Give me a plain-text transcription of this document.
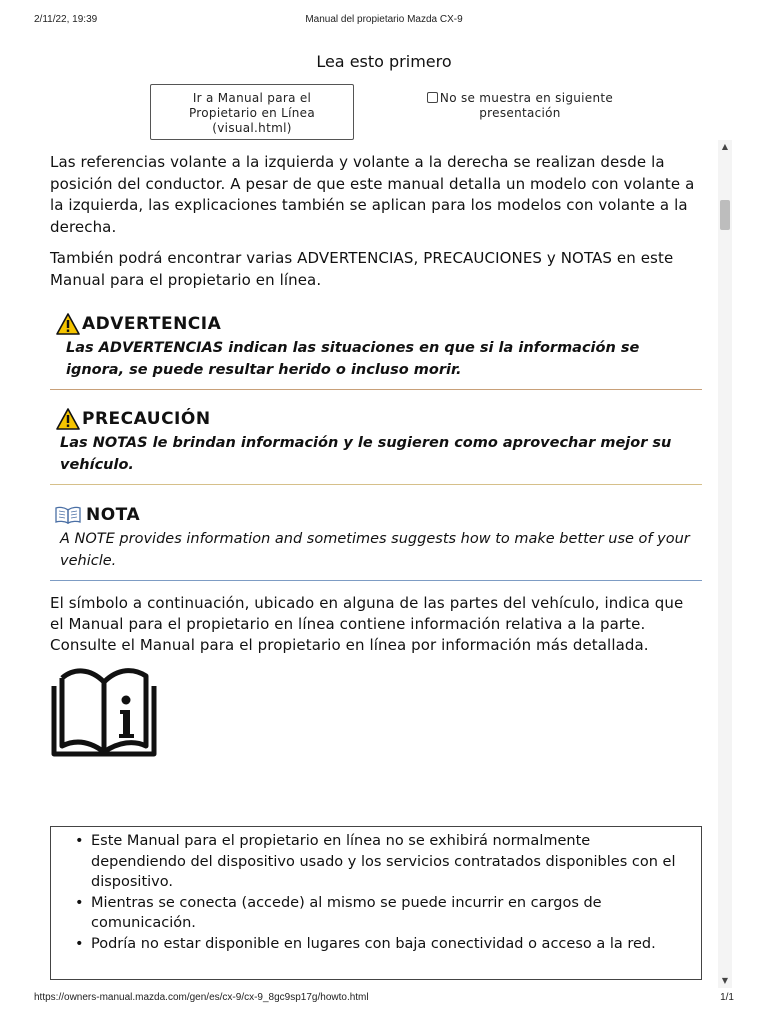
2/11/22, 19:39	Manual del propietario Mazda CX-9
Lea esto primero
Ir a Manual para el
Propietario en Línea
(visual.html)
No se muestra en siguiente
presentación
▲
▼

Las referencias volante a la izquierda y volante a la derecha se realizan desde la posición del conductor. A pesar de que este manual detalla un modelo con volante a la izquierda, las explicaciones también se aplican para los modelos con volante a la derecha.

También podrá encontrar varias ADVERTENCIAS, PRECAUCIONES y NOTAS en este Manual para el propietario en línea.

ADVERTENCIA
Las ADVERTENCIAS indican las situaciones en que si la información se ignora, se puede resultar herido o incluso morir.
PRECAUCIÓN
Las NOTAS le brindan información y le sugieren como aprovechar mejor su vehículo.
NOTA
A NOTE provides information and sometimes suggests how to make better use of your vehicle.

El símbolo a continuación, ubicado en alguna de las partes del vehículo, indica que el Manual para el propietario en línea contiene información relativa a la parte. Consulte el Manual para el propietario en línea por información más detallada.

• Este Manual para el propietario en línea no se exhibirá normalmente dependiendo del dispositivo usado y los servicios contratados disponibles con el dispositivo.
• Mientras se conecta (accede) al mismo se puede incurrir en cargos de comunicación.
• Podría no estar disponible en lugares con baja conectividad o acceso a la red.
https://owners-manual.mazda.com/gen/es/cx-9/cx-9_8gc9sp17g/howto.html	1/1
